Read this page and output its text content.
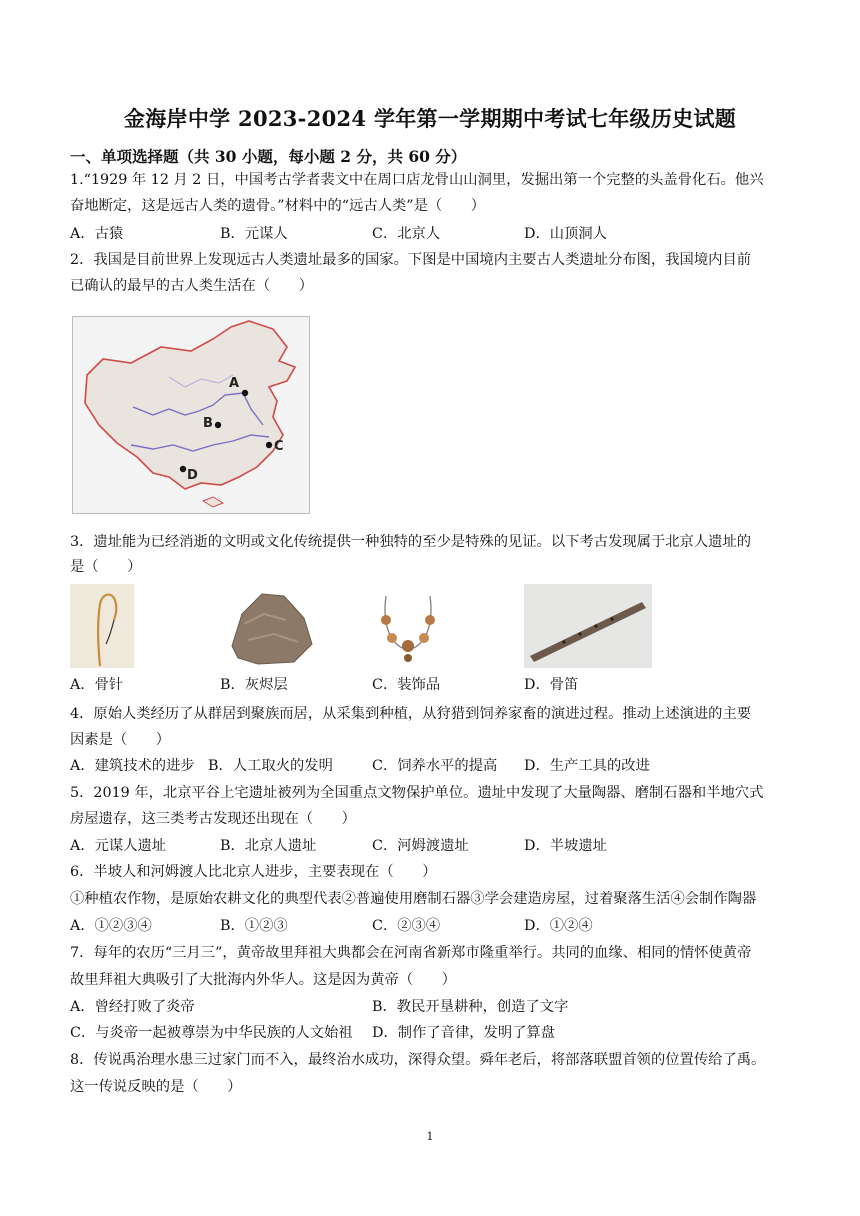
金海岸中学 2023-2024 学年第一学期期中考试七年级历史试题
一、单项选择题（共 30 小题，每小题 2 分，共 60 分）
1.“1929 年 12 月 2 日，中国考古学者裴文中在周口店龙骨山山洞里，发掘出第一个完整的头盖骨化石。他兴
奋地断定，这是远古人类的遗骨。”材料中的“远古人类”是（　　）
A．古猿	B．元谋人	C．北京人	D．山顶洞人
2．我国是目前世界上发现远古人类遗址最多的国家。下图是中国境内主要古人类遗址分布图，我国境内目前
已确认的最早的古人类生活在（　　）
A
B
C
D
3．遗址能为已经消逝的文明或文化传统提供一种独特的至少是特殊的见证。以下考古发现属于北京人遗址的
是（　　）
A．骨针	B．灰烬层	C．装饰品	D．骨笛
4．原始人类经历了从群居到聚族而居，从采集到种植，从狩猎到饲养家畜的演进过程。推动上述演进的主要
因素是（　　）
A．建筑技术的进步 B．人工取火的发明	C．饲养水平的提高 D．生产工具的改进
5．2019 年，北京平谷上宅遗址被列为全国重点文物保护单位。遗址中发现了大量陶器、磨制石器和半地穴式
房屋遗存，这三类考古发现还出现在（　　）
A．元谋人遗址	B．北京人遗址	C．河姆渡遗址	D．半坡遗址
6．半坡人和河姆渡人比北京人进步，主要表现在（　　）
①种植农作物，是原始农耕文化的典型代表②普遍使用磨制石器③学会建造房屋，过着聚落生活④会制作陶器
A．①②③④	B．①②③	C．②③④	D．①②④
7．每年的农历“三月三”，黄帝故里拜祖大典都会在河南省新郑市隆重举行。共同的血缘、相同的情怀使黄帝
故里拜祖大典吸引了大批海内外华人。这是因为黄帝（　　）
A．曾经打败了炎帝	B．教民开垦耕种，创造了文字
C．与炎帝一起被尊崇为中华民族的人文始祖 D．制作了音律，发明了算盘
8．传说禹治理水患三过家门而不入，最终治水成功，深得众望。舜年老后，将部落联盟首领的位置传给了禹。
这一传说反映的是（　　）
1
